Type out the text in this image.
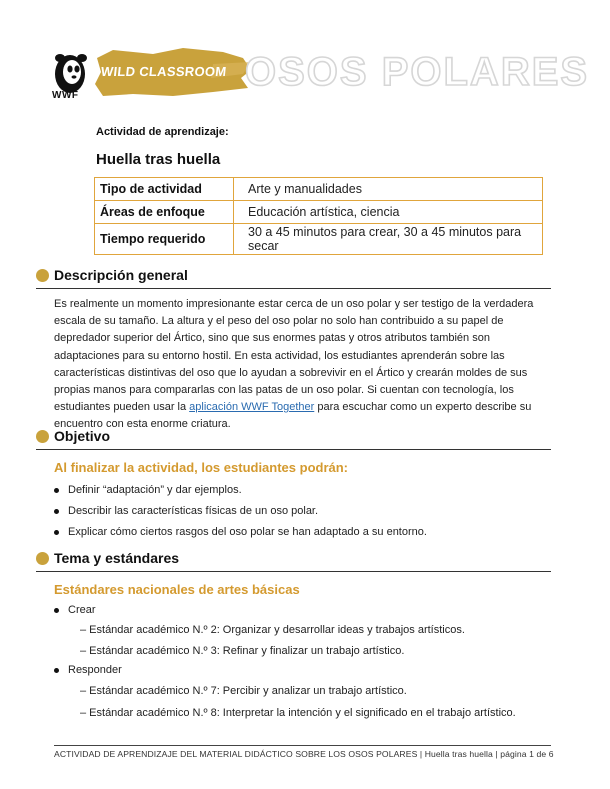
WWF
WILD CLASSROOM OSOS POLARES
Actividad de aprendizaje:
Huella tras huella
Tipo de actividad	Arte y manualidades
Áreas de enfoque	Educación artística, ciencia
Tiempo requerido	30 a 45 minutos para crear, 30 a 45 minutos para secar
Descripción general
Es realmente un momento impresionante estar cerca de un oso polar y ser testigo de la verdadera escala de su tamaño. La altura y el peso del oso polar no solo han contribuido a su papel de depredador superior del Ártico, sino que sus enormes patas y otros atributos también son adaptaciones para su entorno hostil. En esta actividad, los estudiantes aprenderán sobre las características distintivas del oso que lo ayudan a sobrevivir en el Ártico y crearán moldes de sus propias manos para compararlas con las patas de un oso polar. Si cuentan con tecnología, los estudiantes pueden usar la aplicación WWF Together para escuchar como un experto describe su encuentro con esta enorme criatura.
Objetivo
Al finalizar la actividad, los estudiantes podrán:
Definir “adaptación” y dar ejemplos.
Describir las características físicas de un oso polar.
Explicar cómo ciertos rasgos del oso polar se han adaptado a su entorno.
Tema y estándares
Estándares nacionales de artes básicas
Crear
– Estándar académico N.º 2: Organizar y desarrollar ideas y trabajos artísticos.
– Estándar académico N.º 3: Refinar y finalizar un trabajo artístico.
Responder
– Estándar académico N.º 7: Percibir y analizar un trabajo artístico.
– Estándar académico N.º 8: Interpretar la intención y el significado en el trabajo artístico.
ACTIVIDAD DE APRENDIZAJE DEL MATERIAL DIDÁCTICO SOBRE LOS OSOS POLARES | Huella tras huella | página 1 de 6
